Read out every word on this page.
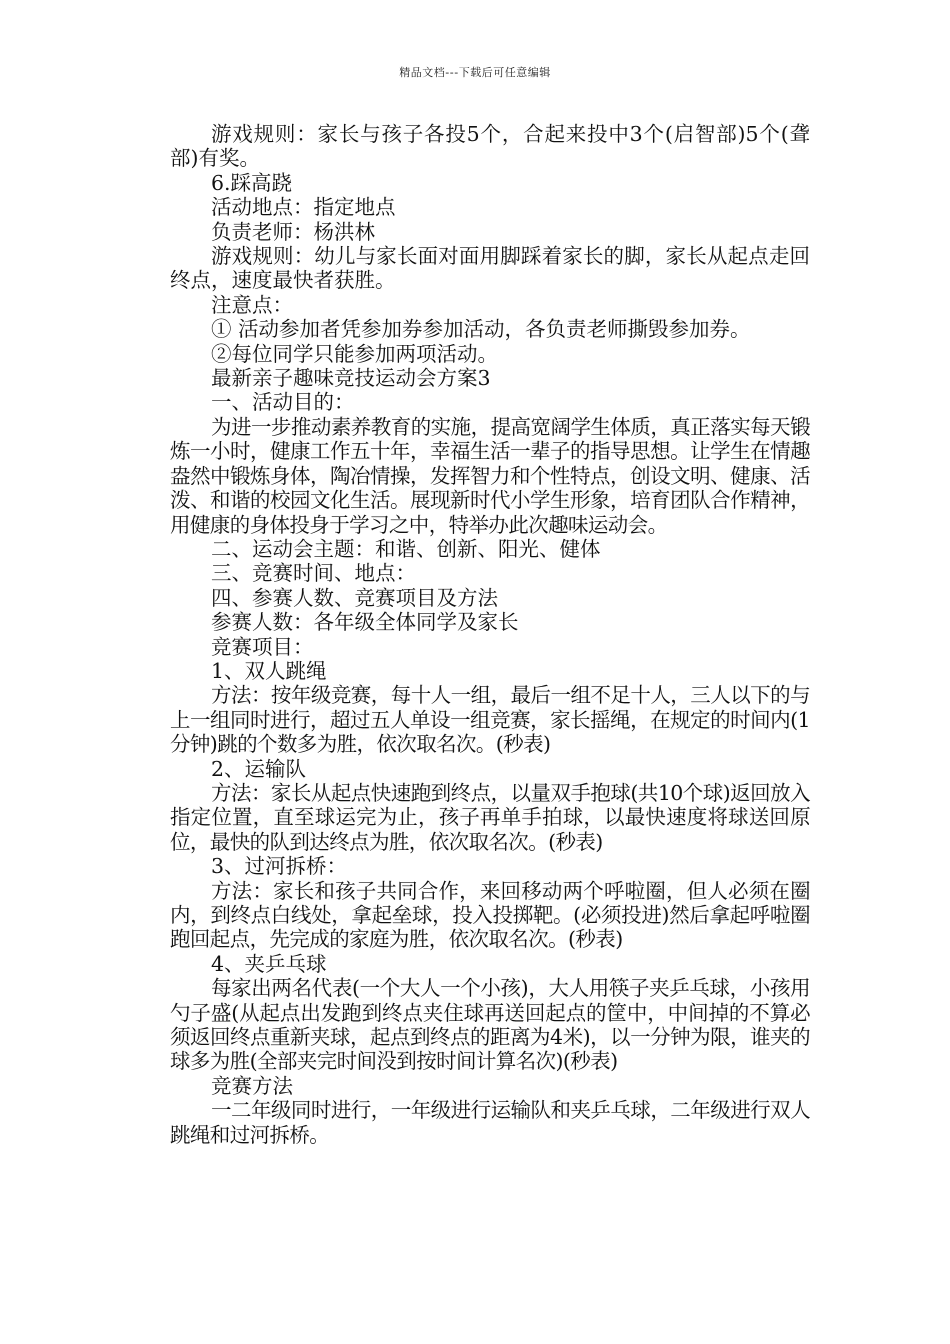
精品文档---下载后可任意编辑

游戏规则：家长与孩子各投5个，合起来投中3个(启智部)5个(聋部)有奖。

6.踩高跷

活动地点：指定地点

负责老师：杨洪林

游戏规则：幼儿与家长面对面用脚踩着家长的脚，家长从起点走回终点，速度最快者获胜。

注意点：

① 活动参加者凭参加券参加活动，各负责老师撕毁参加券。

②每位同学只能参加两项活动。

最新亲子趣味竞技运动会方案3

一、活动目的：

为进一步推动素养教育的实施，提高宽阔学生体质，真正落实每天锻炼一小时，健康工作五十年，幸福生活一辈子的指导思想。让学生在情趣盎然中锻炼身体，陶冶情操，发挥智力和个性特点，创设文明、健康、活泼、和谐的校园文化生活。展现新时代小学生形象，培育团队合作精神，用健康的身体投身于学习之中，特举办此次趣味运动会。

二、运动会主题：和谐、创新、阳光、健体

三、竞赛时间、地点：

四、参赛人数、竞赛项目及方法

参赛人数：各年级全体同学及家长

竞赛项目：

1、双人跳绳

方法：按年级竞赛，每十人一组，最后一组不足十人，三人以下的与上一组同时进行，超过五人单设一组竞赛，家长摇绳，在规定的时间内(1分钟)跳的个数多为胜，依次取名次。(秒表)

2、运输队

方法：家长从起点快速跑到终点，以量双手抱球(共10个球)返回放入指定位置，直至球运完为止，孩子再单手拍球，以最快速度将球送回原位，最快的队到达终点为胜，依次取名次。(秒表)

3、过河拆桥：

方法：家长和孩子共同合作，来回移动两个呼啦圈，但人必须在圈内，到终点白线处，拿起垒球，投入投掷靶。(必须投进)然后拿起呼啦圈跑回起点，先完成的家庭为胜，依次取名次。(秒表)

4、夹乒乓球

每家出两名代表(一个大人一个小孩)，大人用筷子夹乒乓球，小孩用勺子盛(从起点出发跑到终点夹住球再送回起点的筐中，中间掉的不算必须返回终点重新夹球，起点到终点的距离为4米)，以一分钟为限，谁夹的球多为胜(全部夹完时间没到按时间计算名次)(秒表)

竞赛方法

一二年级同时进行，一年级进行运输队和夹乒乓球，二年级进行双人跳绳和过河拆桥。
